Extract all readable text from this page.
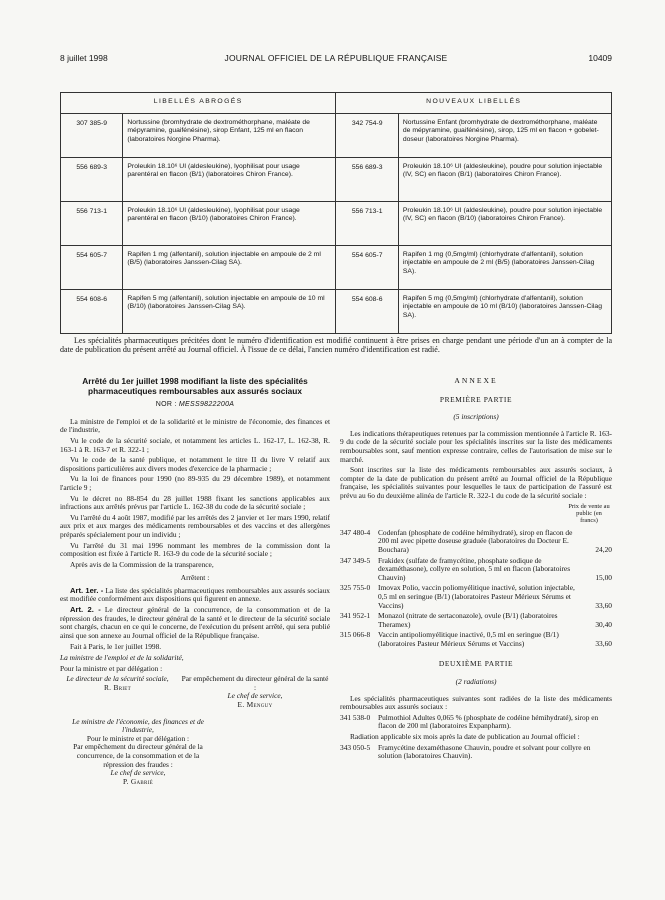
8 juillet 1998	JOURNAL OFFICIEL DE LA RÉPUBLIQUE FRANÇAISE	10409
LIBELLÉS ABROGÉS		NOUVEAUX LIBELLÉS	
307 385-9	Nortussine (bromhydrate de dextrométhorphane, maléate de mépyramine, guaifénésine), sirop Enfant, 125 ml en flacon (laboratoires Norgine Pharma).	342 754-9	Nortussine Enfant (bromhydrate de dextrométhorphane, maléate de mépyramine, guaifénésine), sirop, 125 ml en flacon + gobelet-doseur (laboratoires Norgine Pharma).
556 689-3	Proleukin 18.10⁶ UI (aldesleukine), lyophilisat pour usage parentéral en flacon (B/1) (laboratoires Chiron France).	556 689-3	Proleukin 18.10⁶ UI (aldesleukine), poudre pour solution injectable (IV, SC) en flacon (B/1) (laboratoires Chiron France).
556 713-1	Proleukin 18.10⁶ UI (aldesleukine), lyophilisat pour usage parentéral en flacon (B/10) (laboratoires Chiron France).	556 713-1	Proleukin 18.10⁶ UI (aldesleukine), poudre pour solution injectable (IV, SC) en flacon (B/10) (laboratoires Chiron France).
554 605-7	Rapifen 1 mg (alfentanil), solution injectable en ampoule de 2 ml (B/5) (laboratoires Janssen-Cilag SA).	554 605-7	Rapifen 1 mg (0,5mg/ml) (chlorhydrate d'alfentanil), solution injectable en ampoule de 2 ml (B/5) (laboratoires Janssen-Cilag SA).
554 608-6	Rapifen 5 mg (alfentanil), solution injectable en ampoule de 10 ml (B/10) (laboratoires Janssen-Cilag SA).	554 608-6	Rapifen 5 mg (0,5mg/ml) (chlorhydrate d'alfentanil), solution injectable en ampoule de 10 ml (B/10) (laboratoires Janssen-Cilag SA).

Les spécialités pharmaceutiques précitées dont le numéro d'identification est modifié continuent à être prises en charge pendant une période d'un an à compter de la date de publication du présent arrêté au Journal officiel. À l'issue de ce délai, l'ancien numéro d'identification est radié.

Arrêté du 1er juillet 1998 modifiant la liste des spécialités pharmaceutiques remboursables aux assurés sociaux
NOR : MESS9822200A

La ministre de l'emploi et de la solidarité et le ministre de l'économie, des finances et de l'industrie,

Vu le code de la sécurité sociale, et notamment les articles L. 162-17, L. 162-38, R. 163-1 à R. 163-7 et R. 322-1 ;

Vu le code de la santé publique, et notamment le titre II du livre V relatif aux dispositions particulières aux divers modes d'exercice de la pharmacie ;

Vu la loi de finances pour 1990 (no 89-935 du 29 décembre 1989), et notamment l'article 9 ;

Vu le décret no 88-854 du 28 juillet 1988 fixant les sanctions applicables aux infractions aux arrêtés prévus par l'article L. 162-38 du code de la sécurité sociale ;

Vu l'arrêté du 4 août 1987, modifié par les arrêtés des 2 janvier et 1er mars 1990, relatif aux prix et aux marges des médicaments remboursables et des vaccins et des allergènes préparés spécialement pour un individu ;

Vu l'arrêté du 31 mai 1996 nommant les membres de la commission dont la composition est fixée à l'article R. 163-9 du code de la sécurité sociale ;

Après avis de la Commission de la transparence,

Arrêtent :

Art. 1er. - La liste des spécialités pharmaceutiques remboursables aux assurés sociaux est modifiée conformément aux dispositions qui figurent en annexe.

Art. 2. - Le directeur général de la concurrence, de la consommation et de la répression des fraudes, le directeur général de la santé et le directeur de la sécurité sociale sont chargés, chacun en ce qui le concerne, de l'exécution du présent arrêté, qui sera publié ainsi que son annexe au Journal officiel de la République française.

Fait à Paris, le 1er juillet 1998.

La ministre de l'emploi et de la solidarité,

Pour la ministre et par délégation :

Le directeur de la sécurité sociale,
R. Briet
Par empêchement du directeur général de la santé :
Le chef de service,
E. Menguy
Le ministre de l'économie, des finances et de l'industrie,
Pour le ministre et par délégation :
Par empêchement du directeur général de la concurrence, de la consommation et de la répression des fraudes :
Le chef de service,
P. Gabrié
ANNEXE
PREMIÈRE PARTIE
(5 inscriptions)

Les indications thérapeutiques retenues par la commission mentionnée à l'article R. 163-9 du code de la sécurité sociale pour les spécialités inscrites sur la liste des médicaments remboursables sont, sauf mention expresse contraire, celles de l'autorisation de mise sur le marché.

Sont inscrites sur la liste des médicaments remboursables aux assurés sociaux, à compter de la date de publication du présent arrêté au Journal officiel de la République française, les spécialités suivantes pour lesquelles le taux de participation de l'assuré est prévu au 6o du deuxième alinéa de l'article R. 322-1 du code de la sécurité sociale :

Prix de vente au public (en francs)
347 480-4	Codenfan (phosphate de codéine hémihydraté), sirop en flacon de 200 ml avec pipette doseuse graduée (laboratoires du Docteur E. Bouchara)	24,20
347 349-5	Frakidex (sulfate de framycétine, phosphate sodique de dexaméthasone), collyre en solution, 5 ml en flacon (laboratoires Chauvin)	15,00
325 755-0	Imovax Polio, vaccin poliomyélitique inactivé, solution injectable, 0,5 ml en seringue (B/1) (laboratoires Pasteur Mérieux Sérums et Vaccins)	33,60
341 952-1	Monazol (nitrate de sertaconazole), ovule (B/1) (laboratoires Theramex)	30,40
315 066-8	Vaccin antipoliomyélitique inactivé, 0,5 ml en seringue (B/1) (laboratoires Pasteur Mérieux Sérums et Vaccins)	33,60
DEUXIÈME PARTIE
(2 radiations)

Les spécialités pharmaceutiques suivantes sont radiées de la liste des médicaments remboursables aux assurés sociaux :

341 538-0	Pulmothiol Adultes 0,065 % (phosphate de codéine hémihydraté), sirop en flacon de 200 ml (laboratoires Expanpharm).

Radiation applicable six mois après la date de publication au Journal officiel :

343 050-5	Framycétine dexaméthasone Chauvin, poudre et solvant pour collyre en solution (laboratoires Chauvin).
